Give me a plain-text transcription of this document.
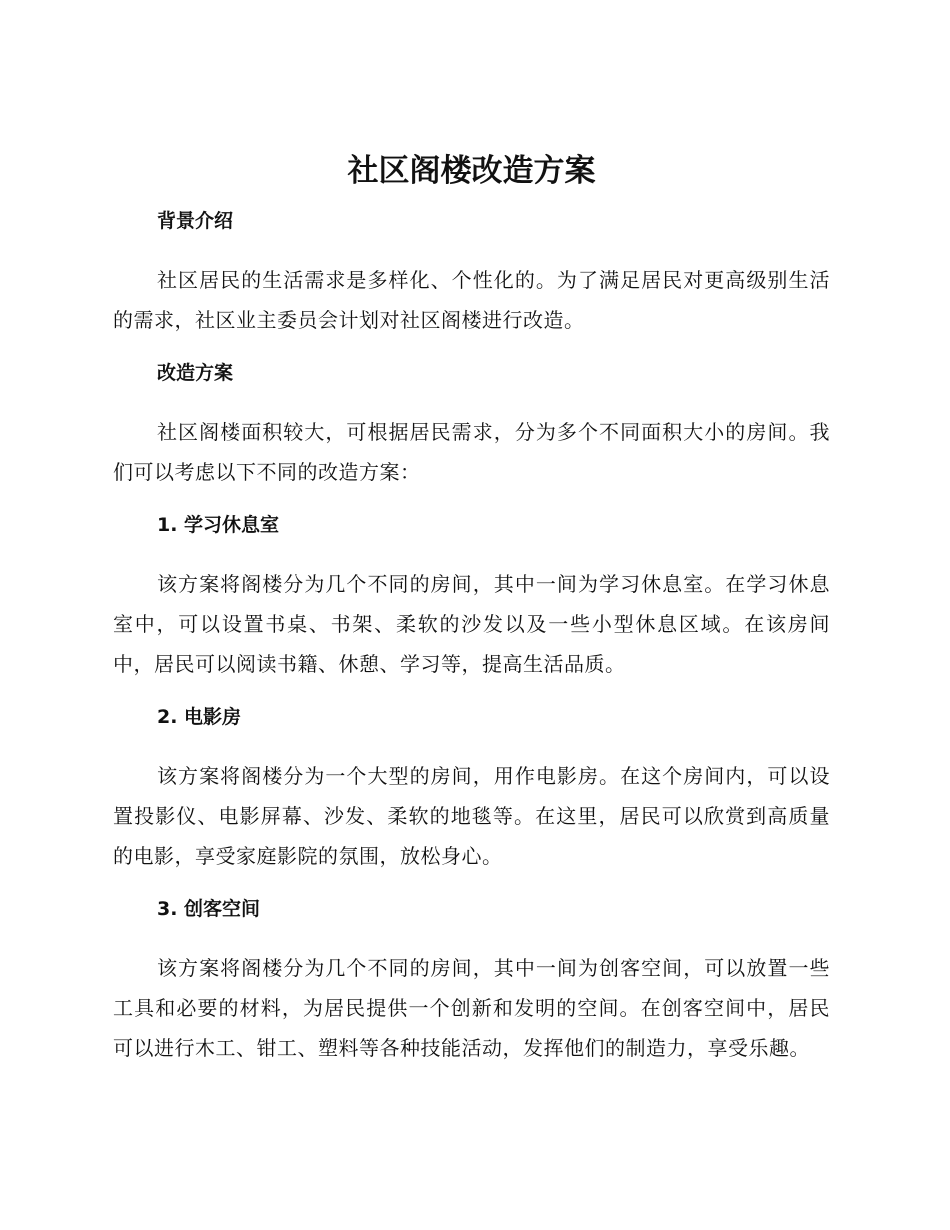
社区阁楼改造方案
背景介绍

社区居民的生活需求是多样化、个性化的。为了满足居民对更高级别生活的需求，社区业主委员会计划对社区阁楼进行改造。

改造方案

社区阁楼面积较大，可根据居民需求，分为多个不同面积大小的房间。我们可以考虑以下不同的改造方案：

1. 学习休息室

该方案将阁楼分为几个不同的房间，其中一间为学习休息室。在学习休息室中，可以设置书桌、书架、柔软的沙发以及一些小型休息区域。在该房间中，居民可以阅读书籍、休憩、学习等，提高生活品质。

2. 电影房

该方案将阁楼分为一个大型的房间，用作电影房。在这个房间内，可以设置投影仪、电影屏幕、沙发、柔软的地毯等。在这里，居民可以欣赏到高质量的电影，享受家庭影院的氛围，放松身心。

3. 创客空间

该方案将阁楼分为几个不同的房间，其中一间为创客空间，可以放置一些工具和必要的材料，为居民提供一个创新和发明的空间。在创客空间中，居民可以进行木工、钳工、塑料等各种技能活动，发挥他们的制造力，享受乐趣。
